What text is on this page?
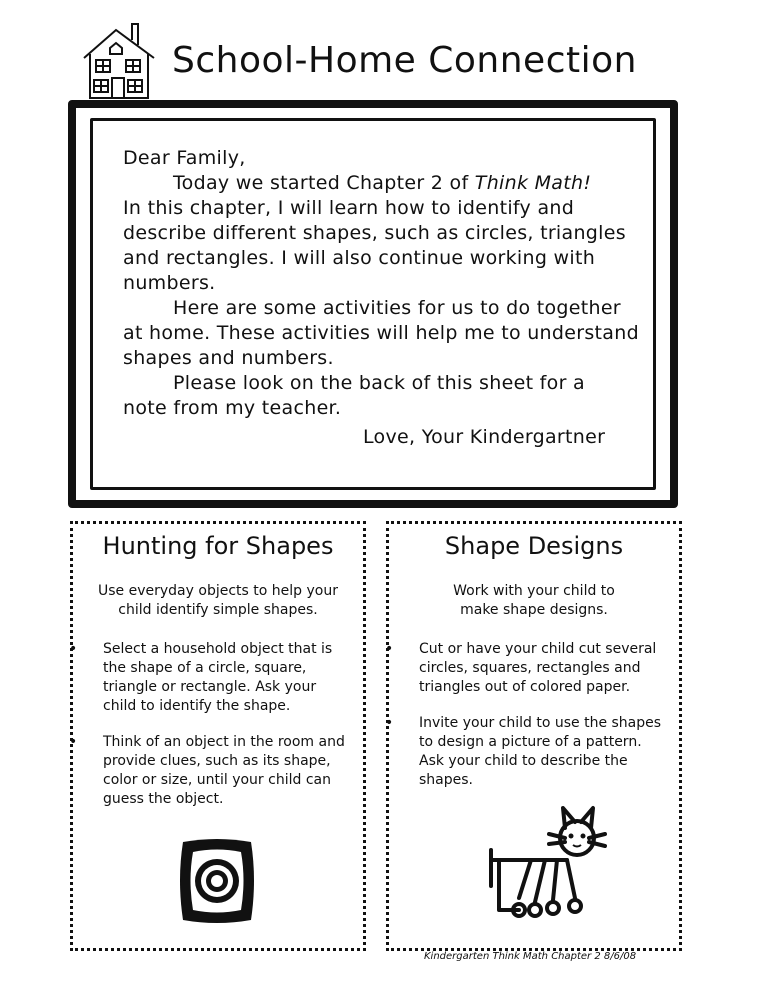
School-Home Connection

Dear Family,

Today we started Chapter 2 of Think Math!

In this chapter, I will learn how to identify and

describe different shapes, such as circles, triangles

and rectangles. I will also continue working with

numbers.

Here are some activities for us to do together

at home. These activities will help me to understand

shapes and numbers.

Please look on the back of this sheet for a

note from my teacher.

Love, Your Kindergartner

Hunting for Shapes

Use everyday objects to help your child identify simple shapes.

• Select a household object that is the shape of a circle, square, triangle or rectangle. Ask your child to identify the shape.
• Think of an object in the room and provide clues, such as its shape, color or size, until your child can guess the object.
Shape Designs

Work with your child to make shape designs.

• Cut or have your child cut several circles, squares, rectangles and triangles out of colored paper.
• Invite your child to use the shapes to design a picture of a pattern. Ask your child to describe the shapes.

Kindergarten Think Math Chapter 2 8/6/08
